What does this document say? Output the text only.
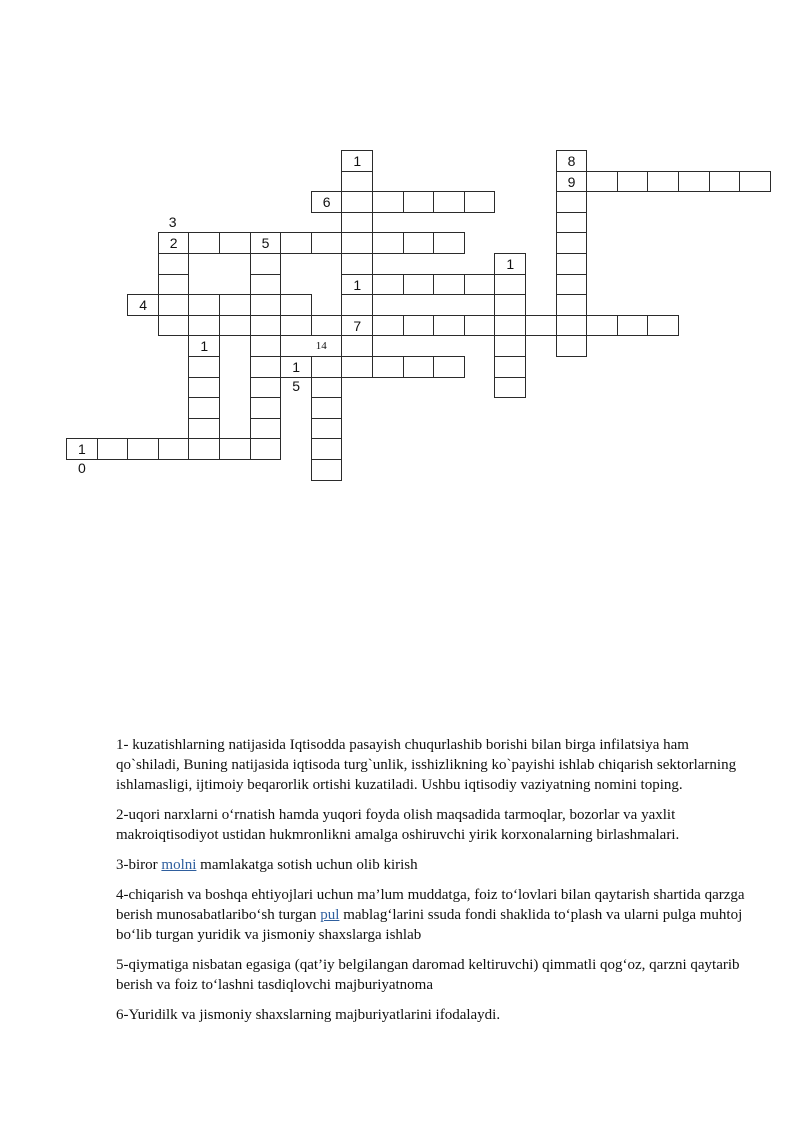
1	8
9
6
2	5
1
1
4
7
1
15
10
3
14

1- kuzatishlarning natijasida Iqtisodda pasayish chuqurlashib borishi bilan birga infilatsiya ham qo`shiladi, Buning natijasida iqtisoda turg`unlik, isshizlikning ko`payishi ishlab chiqarish sektorlarning ishlamasligi, ijtimoiy beqarorlik ortishi kuzatiladi. Ushbu iqtisodiy vaziyatning nomini toping.

2-uqori narxlarni o‘rnatish hamda yuqori foyda olish maqsadida tarmoqlar, bozorlar va yaxlit makroiqtisodiyot ustidan hukmronlikni amalga oshiruvchi yirik korxonalarning birlashmalari.

3-biror molni mamlakatga sotish uchun olib kirish

4-chiqarish va boshqa ehtiyojlari uchun ma’lum muddatga, foiz to‘lovlari bilan qaytarish shartida qarzga berish munosabatlaribo‘sh turgan pul mablag‘larini ssuda fondi shaklida to‘plash va ularni pulga muhtoj bo‘lib turgan yuridik va jismoniy shaxslarga ishlab

5-qiymatiga nisbatan egasiga (qat’iy belgilangan daromad keltiruvchi) qimmatli qog‘oz, qarzni qaytarib berish va foiz to‘lashni tasdiqlovchi majburiyatnoma

6-Yuridilk va jismoniy shaxslarning majburiyatlarini ifodalaydi.
